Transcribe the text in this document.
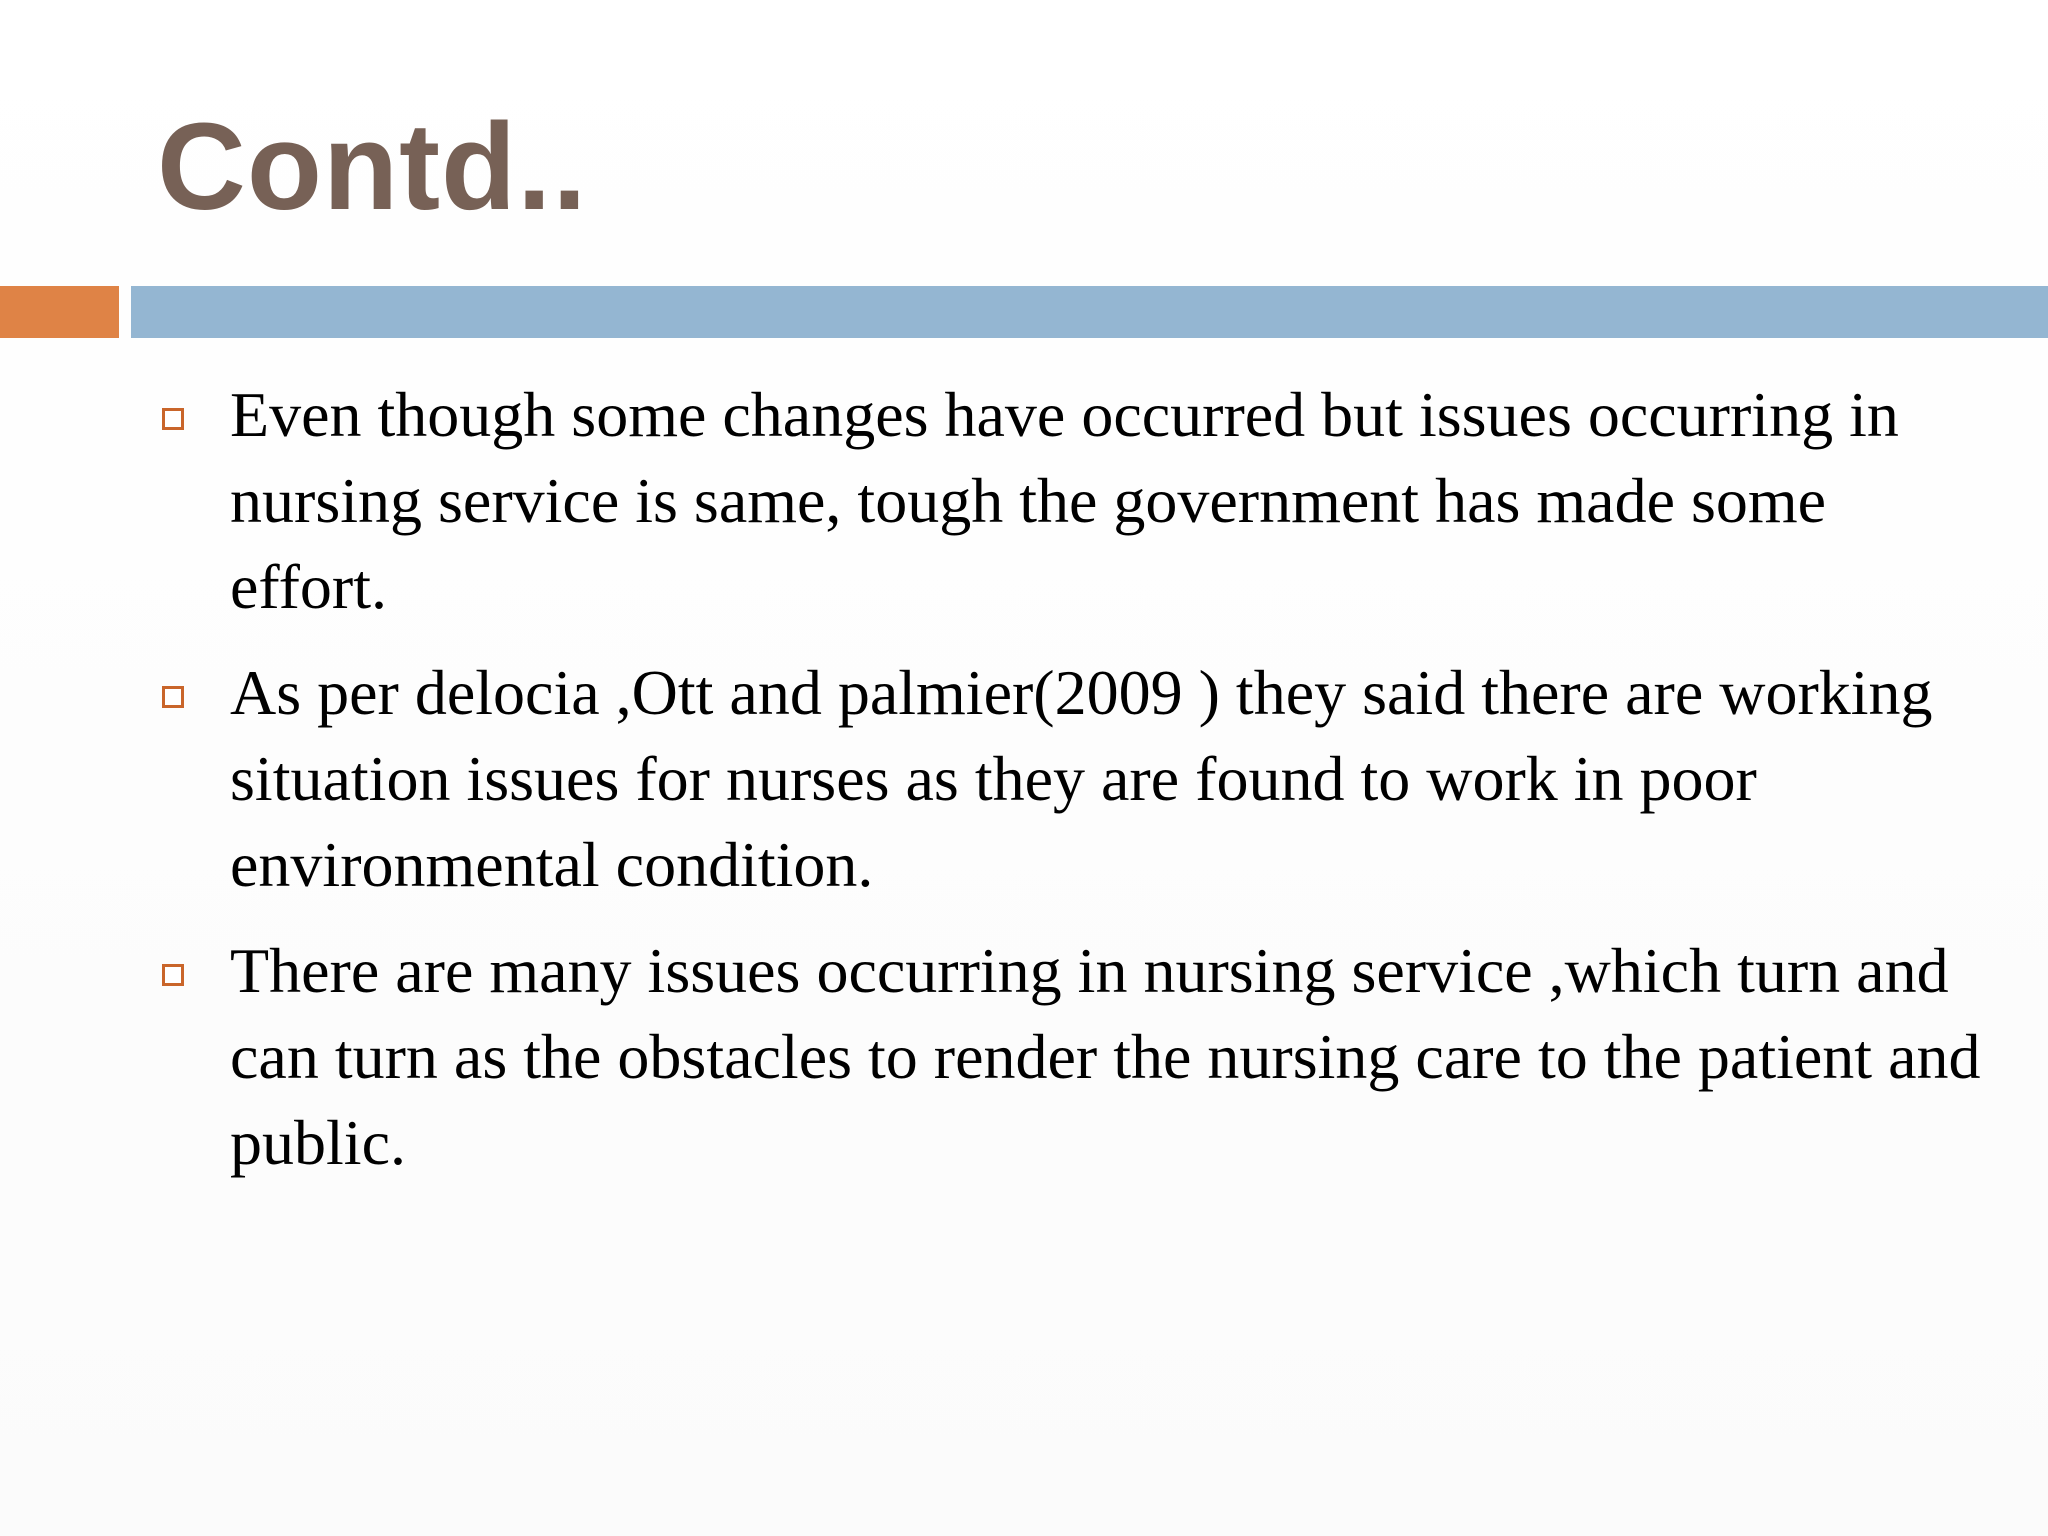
Contd..
Even though some changes have occurred but issues occurring in nursing service is same, tough the government has made some effort.
As per delocia ,Ott and palmier(2009 ) they said there are working situation issues for nurses as they are found to work in poor environmental condition.
There are many issues occurring in nursing service ,which turn and can turn as the obstacles to render the nursing care to the patient and public.
